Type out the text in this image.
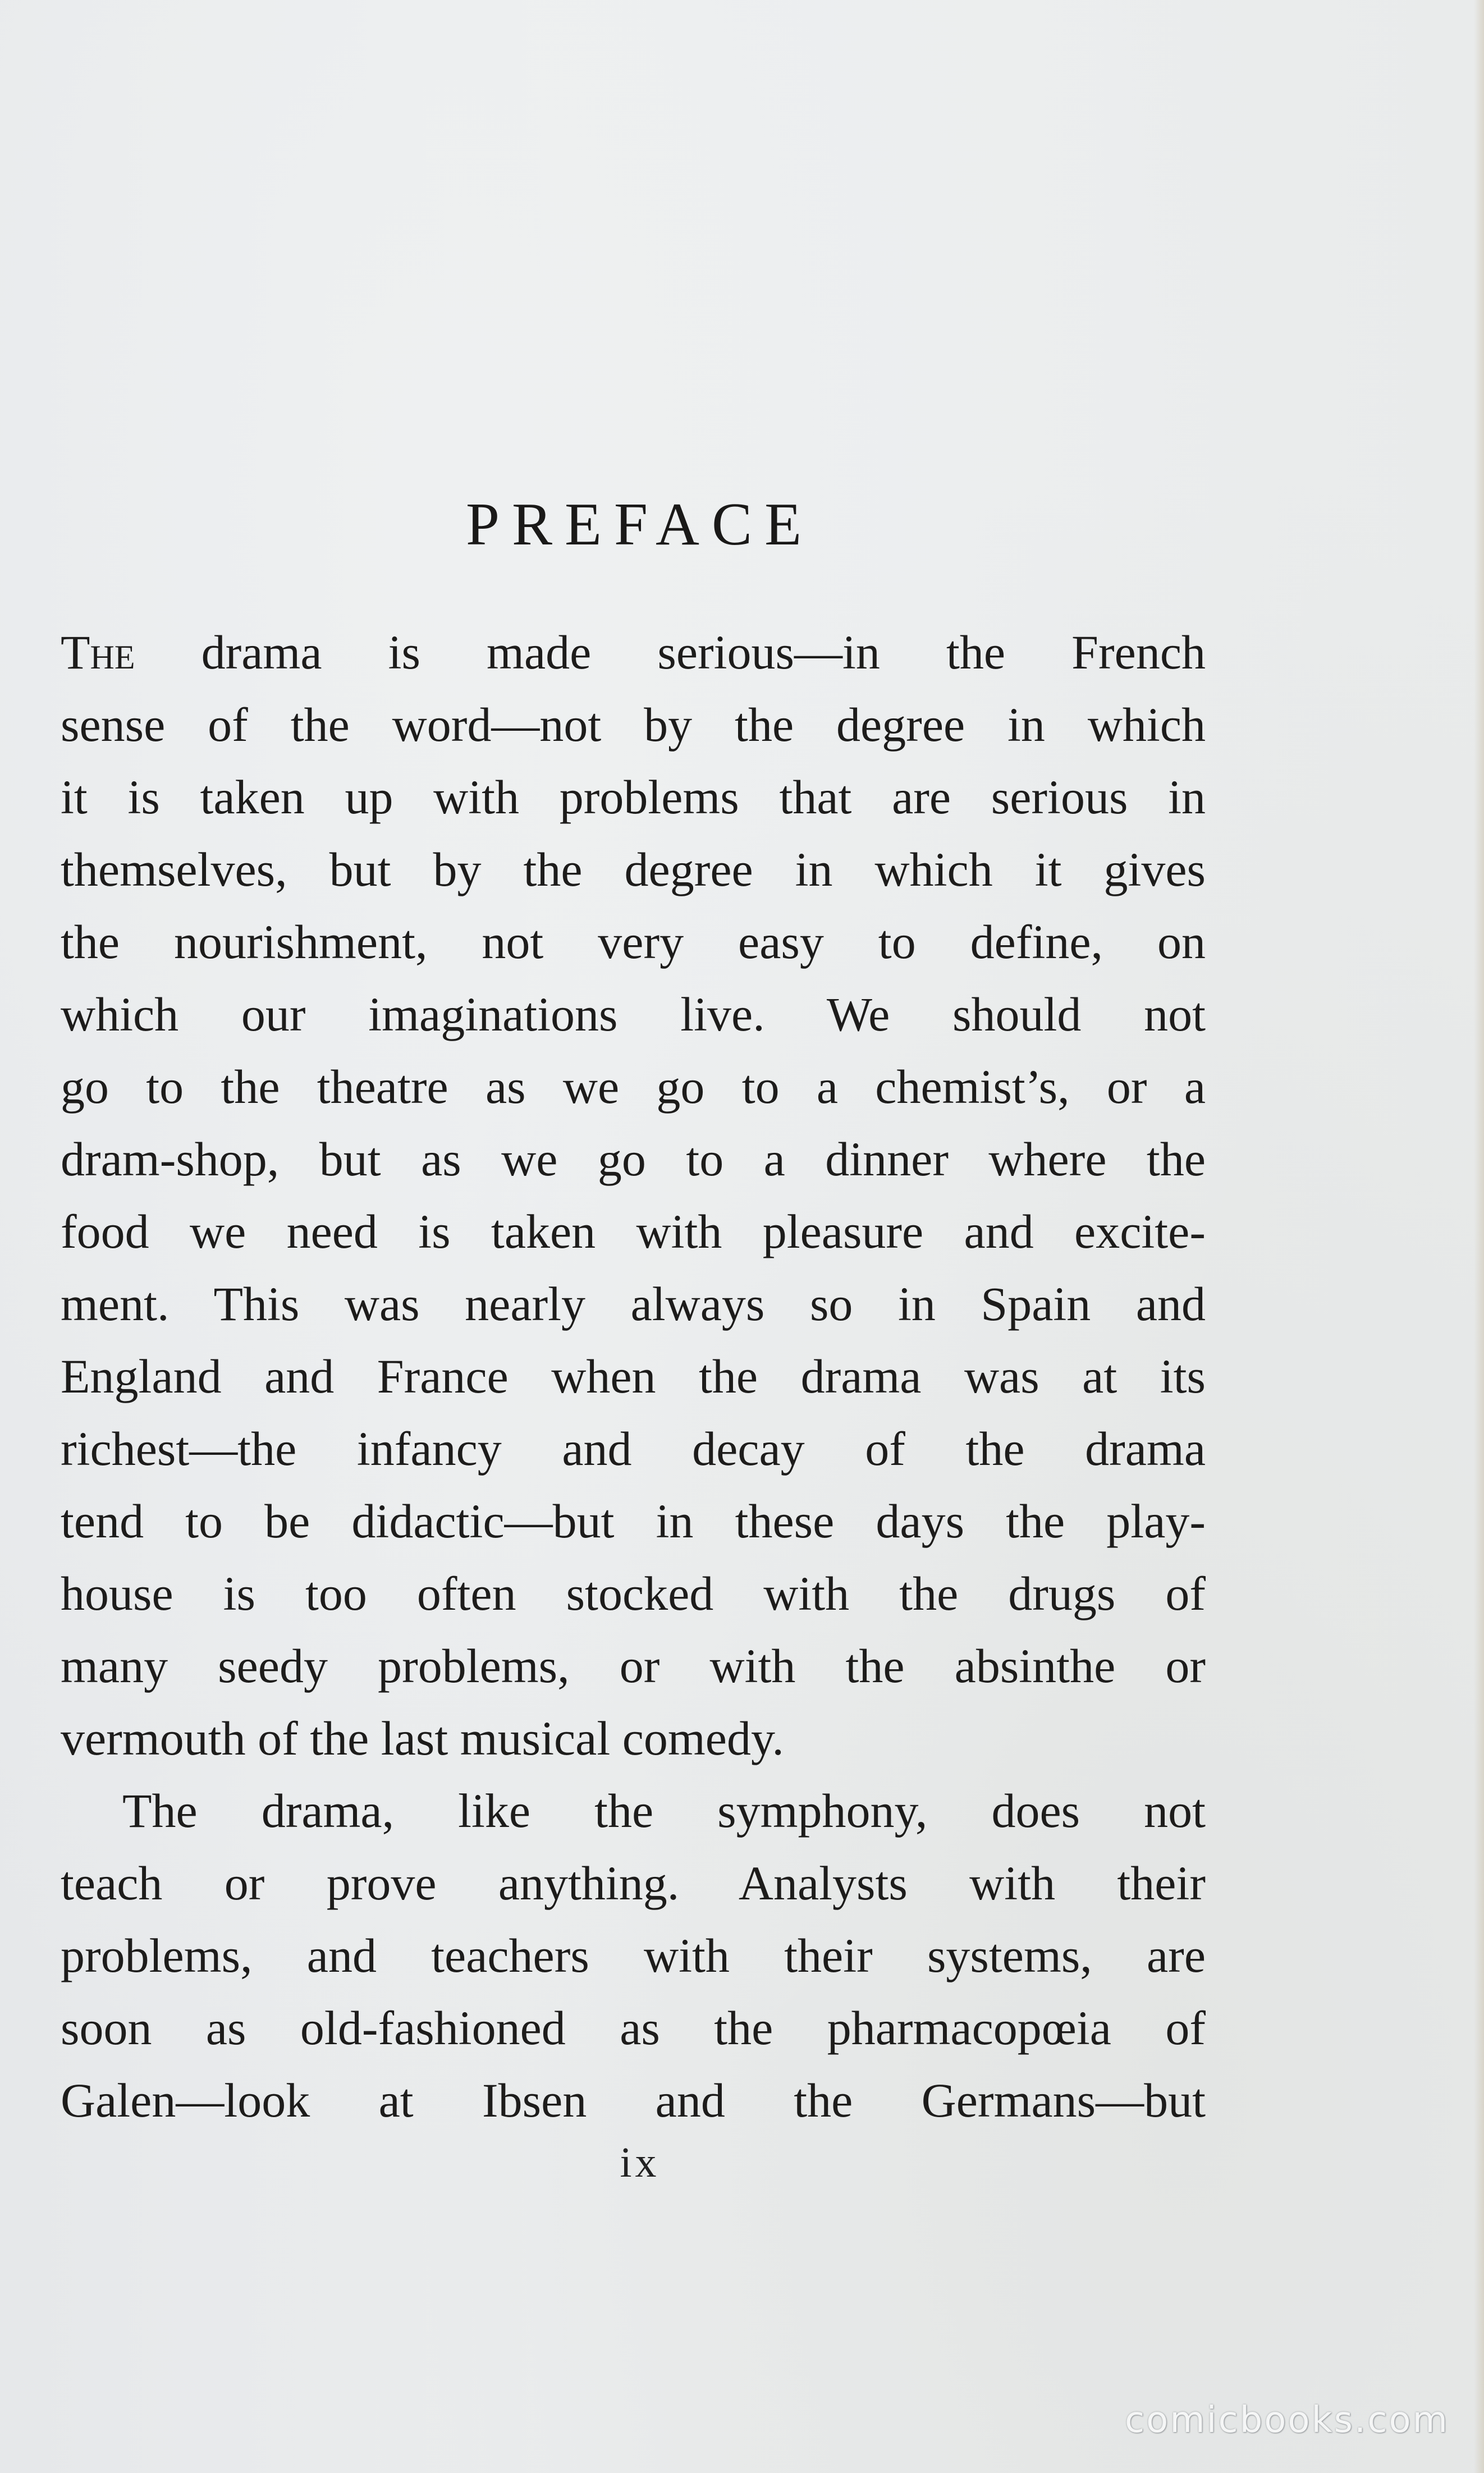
PREFACE

The drama is made serious—in the French
sense of the word—not by the degree in which
it is taken up with problems that are serious in
themselves, but by the degree in which it gives
the nourishment, not very easy to define, on
which our imaginations live. We should not
go to the theatre as we go to a chemist’s, or a
dram-shop, but as we go to a dinner where the
food we need is taken with pleasure and excite-
ment. This was nearly always so in Spain and
England and France when the drama was at its
richest—the infancy and decay of the drama
tend to be didactic—but in these days the play-
house is too often stocked with the drugs of
many seedy problems, or with the absinthe or
vermouth of the last musical comedy.

The drama, like the symphony, does not
teach or prove anything. Analysts with their
problems, and teachers with their systems, are
soon as old-fashioned as the pharmacopœia of
Galen—look at Ibsen and the Germans—but

ix
comicbooks.com
